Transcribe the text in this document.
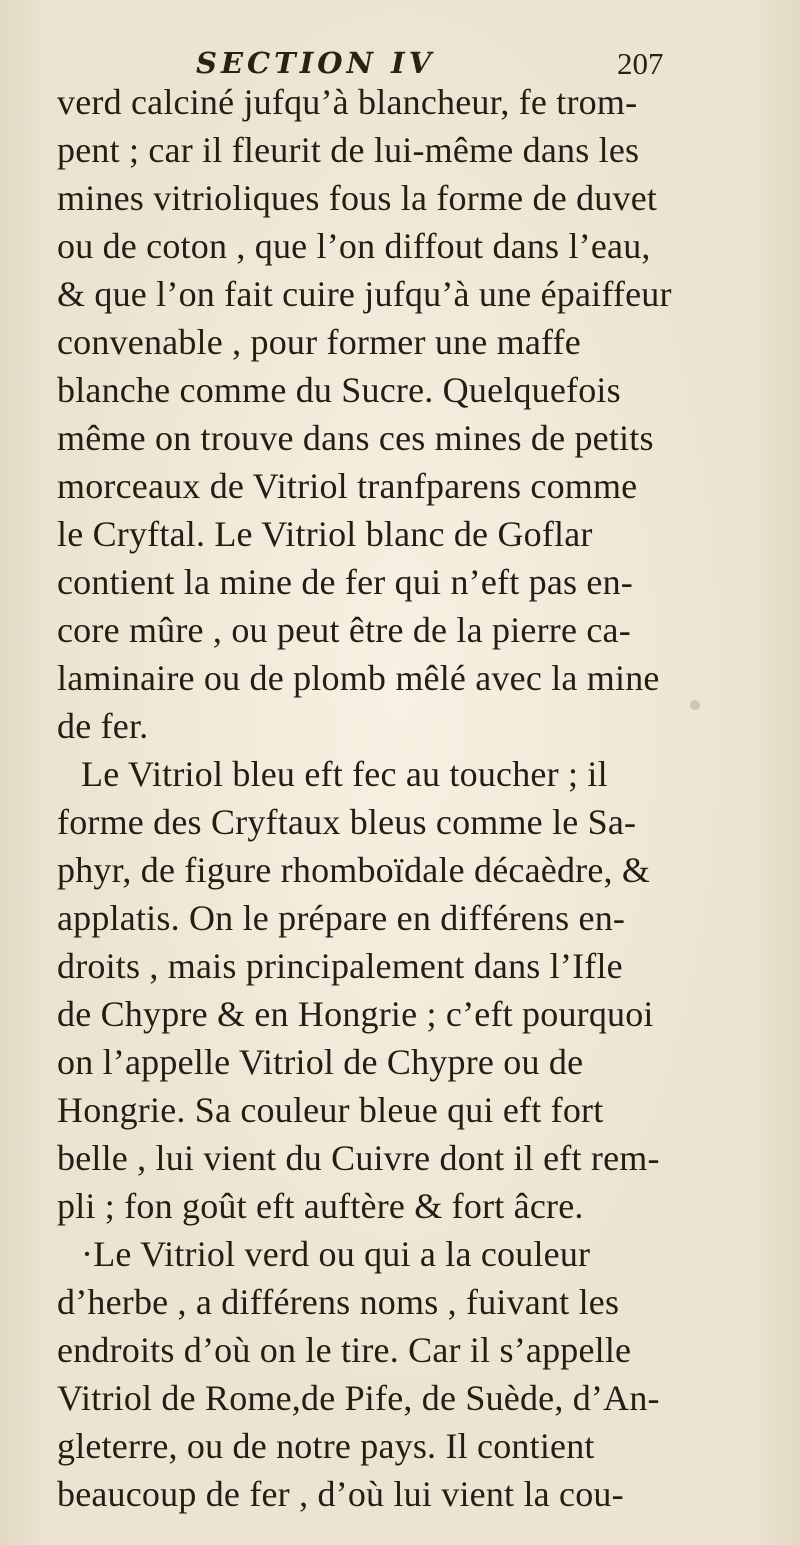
SECTION IV	207
verd calciné jufqu’à blancheur, fe trom-
pent ; car il fleurit de lui-même dans les
mines vitrioliques fous la forme de duvet
ou de coton , que l’on diffout dans l’eau,
& que l’on fait cuire jufqu’à une épaiffeur
convenable , pour former une maffe
blanche comme du Sucre. Quelquefois
même on trouve dans ces mines de petits
morceaux de Vitriol tranfparens comme
le Cryftal. Le Vitriol blanc de Goflar
contient la mine de fer qui n’eft pas en-
core mûre , ou peut être de la pierre ca-
laminaire ou de plomb mêlé avec la mine
de fer.
Le Vitriol bleu eft fec au toucher ; il
forme des Cryftaux bleus comme le Sa-
phyr, de figure rhomboïdale décaèdre, &
applatis. On le prépare en différens en-
droits , mais principalement dans l’Ifle
de Chypre & en Hongrie ; c’eft pourquoi
on l’appelle Vitriol de Chypre ou de
Hongrie. Sa couleur bleue qui eft fort
belle , lui vient du Cuivre dont il eft rem-
pli ; fon goût eft auftère & fort âcre.
·Le Vitriol verd ou qui a la couleur
d’herbe , a différens noms , fuivant les
endroits d’où on le tire. Car il s’appelle
Vitriol de Rome,de Pife, de Suède, d’An-
gleterre, ou de notre pays. Il contient
beaucoup de fer , d’où lui vient la cou-
